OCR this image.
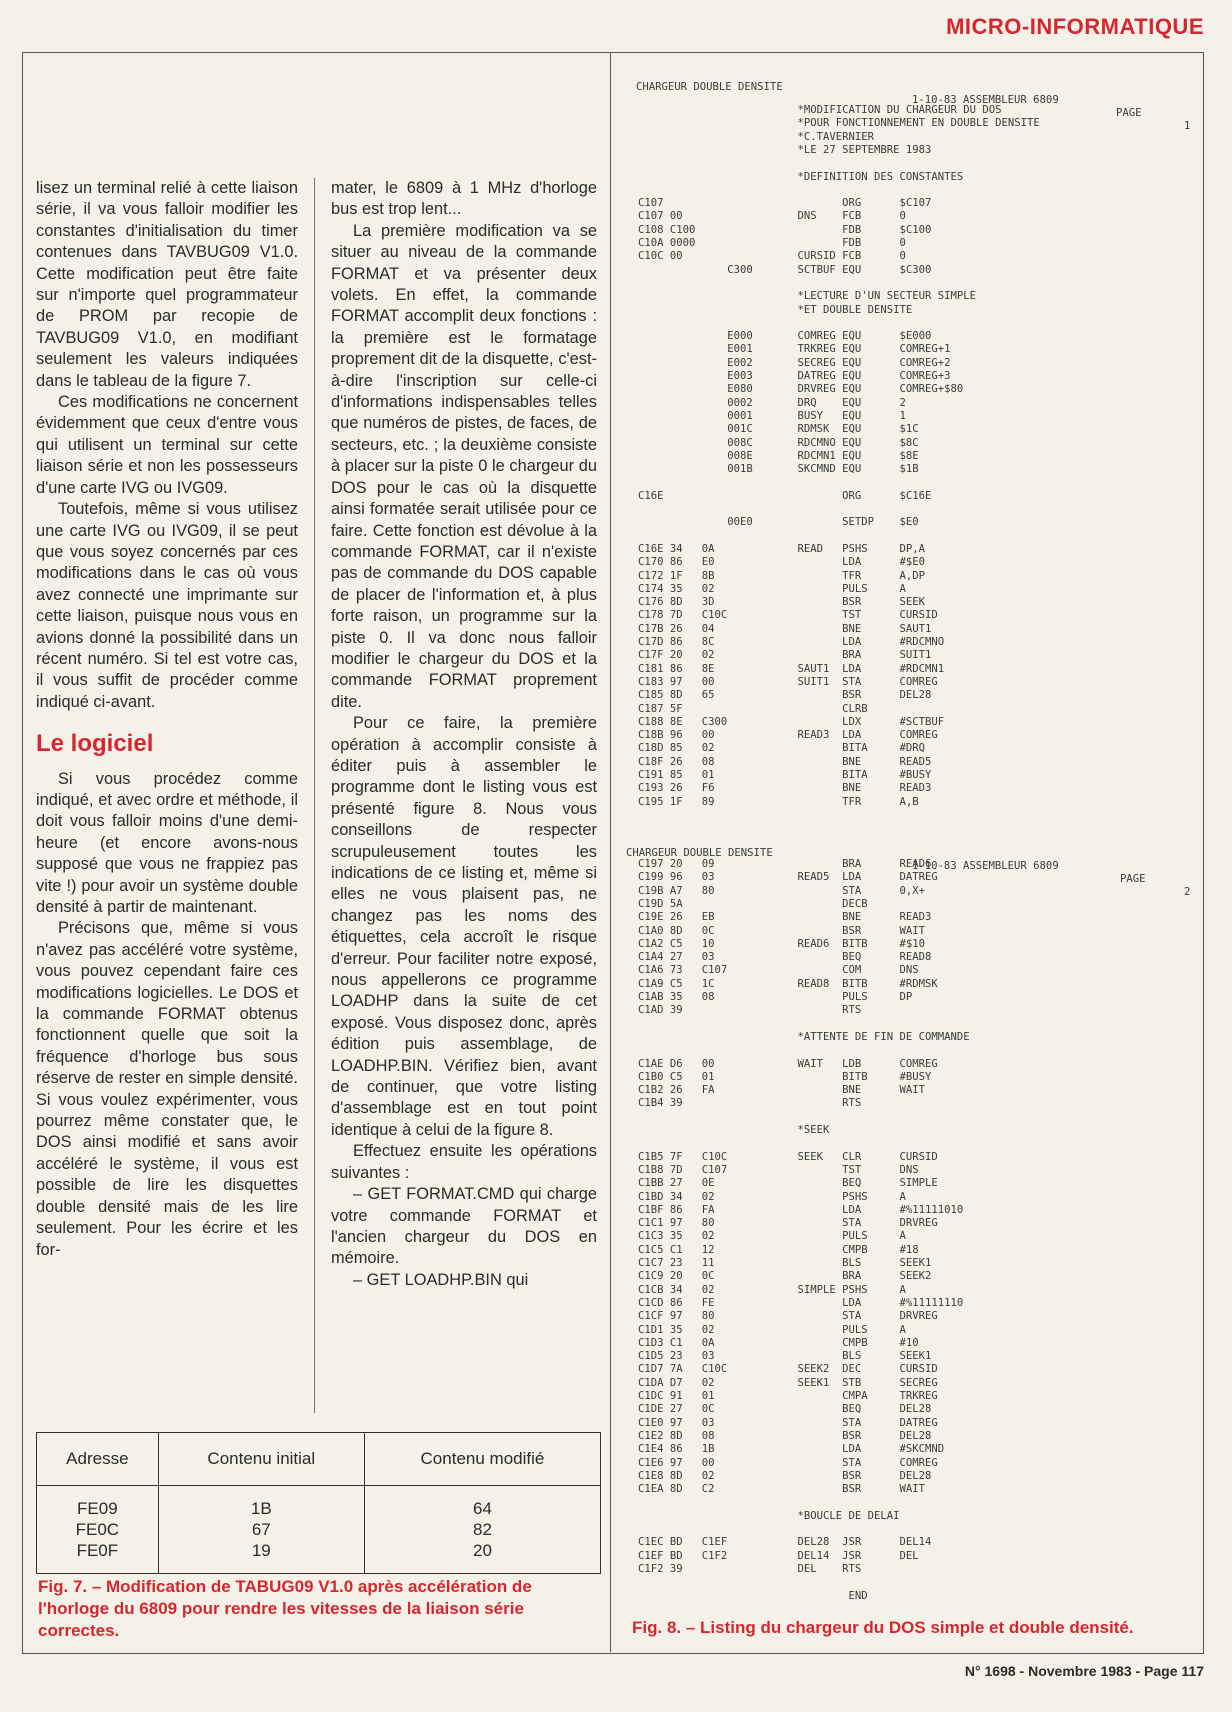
MICRO-INFORMATIQUE

lisez un terminal relié à cette liaison série, il va vous falloir modifier les constantes d'initialisation du timer contenues dans TAVBUG09 V1.0. Cette modification peut être faite sur n'importe quel programmateur de PROM par recopie de TAVBUG09 V1.0, en modifiant seulement les valeurs indiquées dans le tableau de la figure 7.

Ces modifications ne concernent évidemment que ceux d'entre vous qui utilisent un terminal sur cette liaison série et non les possesseurs d'une carte IVG ou IVG09.

Toutefois, même si vous utilisez une carte IVG ou IVG09, il se peut que vous soyez concernés par ces modifications dans le cas où vous avez connecté une imprimante sur cette liaison, puisque nous vous en avions donné la possibilité dans un récent numéro. Si tel est votre cas, il vous suffit de procéder comme indiqué ci-avant.

Le logiciel

Si vous procédez comme indiqué, et avec ordre et méthode, il doit vous falloir moins d'une demi-heure (et encore avons-nous supposé que vous ne frappiez pas vite !) pour avoir un système double densité à partir de maintenant.

Précisons que, même si vous n'avez pas accéléré votre système, vous pouvez cependant faire ces modifications logicielles. Le DOS et la commande FORMAT obtenus fonctionnent quelle que soit la fréquence d'horloge bus sous réserve de rester en simple densité. Si vous voulez expérimenter, vous pourrez même constater que, le DOS ainsi modifié et sans avoir accéléré le système, il vous est possible de lire les disquettes double densité mais de les lire seulement. Pour les écrire et les for-

mater, le 6809 à 1 MHz d'horloge bus est trop lent...

La première modification va se situer au niveau de la commande FORMAT et va présenter deux volets. En effet, la commande FORMAT accomplit deux fonctions : la première est le formatage proprement dit de la disquette, c'est-à-dire l'inscription sur celle-ci d'informations indispensables telles que numéros de pistes, de faces, de secteurs, etc. ; la deuxième consiste à placer sur la piste 0 le chargeur du DOS pour le cas où la disquette ainsi formatée serait utilisée pour ce faire. Cette fonction est dévolue à la commande FORMAT, car il n'existe pas de commande du DOS capable de placer de l'information et, à plus forte raison, un programme sur la piste 0. Il va donc nous falloir modifier le chargeur du DOS et la commande FORMAT proprement dite.

Pour ce faire, la première opération à accomplir consiste à éditer puis à assembler le programme dont le listing vous est présenté figure 8. Nous vous conseillons de respecter scrupuleusement toutes les indications de ce listing et, même si elles ne vous plaisent pas, ne changez pas les noms des étiquettes, cela accroît le risque d'erreur. Pour faciliter notre exposé, nous appellerons ce programme LOADHP dans la suite de cet exposé. Vous disposez donc, après édition puis assemblage, de LOADHP.BIN. Vérifiez bien, avant de continuer, que votre listing d'assemblage est en tout point identique à celui de la figure 8.

Effectuez ensuite les opérations suivantes :

– GET FORMAT.CMD qui charge votre commande FORMAT et l'ancien chargeur du DOS en mémoire.

– GET LOADHP.BIN qui

Adresse	Contenu initial	Contenu modifié

FE09	1B	64
FE0C	67	82
FE0F	19	20

Fig. 7. – Modification de TABUG09 V1.0 après accélération de l'horloge du 6809 pour rendre les vitesses de la liaison série correctes.

CHARGEUR DOUBLE DENSITE

1-10-83 ASSEMBLEUR 6809

PAGE

1

*MODIFICATION DU CHARGEUR DU DOS
*POUR FONCTIONNEMENT EN DOUBLE DENSITE
*C.TAVERNIER
*LE 27 SEPTEMBRE 1983
*DEFINITION DES CONSTANTES
C107                            ORG      $C107
C107 00                  DNS    FCB      0
C108 C100                       FDB      $C100
C10A 0000                       FDB      0
C10C 00                  CURSID FCB      0
C300       SCTBUF EQU      $C300
*LECTURE D'UN SECTEUR SIMPLE
*ET DOUBLE DENSITE
E000       COMREG EQU      $E000
E001       TRKREG EQU      COMREG+1
E002       SECREG EQU      COMREG+2
E003       DATREG EQU      COMREG+3
E080       DRVREG EQU      COMREG+$80
0002       DRQ    EQU      2
0001       BUSY   EQU      1
001C       RDMSK  EQU      $1C
008C       RDCMNO EQU      $8C
008E       RDCMN1 EQU      $8E
001B       SKCMND EQU      $1B
C16E                            ORG      $C16E
00E0              SETDP    $E0
C16E 34   0A             READ   PSHS     DP,A
C170 86   E0                    LDA      #$E0
C172 1F   8B                    TFR      A,DP
C174 35   02                    PULS     A
C176 8D   3D                    BSR      SEEK
C178 7D   C10C                  TST      CURSID
C17B 26   04                    BNE      SAUT1
C17D 86   8C                    LDA      #RDCMNO
C17F 20   02                    BRA      SUIT1
C181 86   8E             SAUT1  LDA      #RDCMN1
C183 97   00             SUIT1  STA      COMREG
C185 8D   65                    BSR      DEL28
C187 5F                         CLRB
C188 8E   C300                  LDX      #SCTBUF
C18B 96   00             READ3  LDA      COMREG
C18D 85   02                    BITA     #DRQ
C18F 26   08                    BNE      READ5
C191 85   01                    BITA     #BUSY
C193 26   F6                    BNE      READ3
C195 1F   89                    TFR      A,B

CHARGEUR DOUBLE DENSITE

1-10-83 ASSEMBLEUR 6809

PAGE

2

C197 20   09                    BRA      READ6
C199 96   03             READ5  LDA      DATREG
C19B A7   80                    STA      0,X+
C19D 5A                         DECB
C19E 26   EB                    BNE      READ3
C1A0 8D   0C                    BSR      WAIT
C1A2 C5   10             READ6  BITB     #$10
C1A4 27   03                    BEQ      READ8
C1A6 73   C107                  COM      DNS
C1A9 C5   1C             READ8  BITB     #RDMSK
C1AB 35   08                    PULS     DP
C1AD 39                         RTS
*ATTENTE DE FIN DE COMMANDE
C1AE D6   00             WAIT   LDB      COMREG
C1B0 C5   01                    BITB     #BUSY
C1B2 26   FA                    BNE      WAIT
C1B4 39                         RTS
*SEEK
C1B5 7F   C10C           SEEK   CLR      CURSID
C1B8 7D   C107                  TST      DNS
C1BB 27   0E                    BEQ      SIMPLE
C1BD 34   02                    PSHS     A
C1BF 86   FA                    LDA      #%11111010
C1C1 97   80                    STA      DRVREG
C1C3 35   02                    PULS     A
C1C5 C1   12                    CMPB     #18
C1C7 23   11                    BLS      SEEK1
C1C9 20   0C                    BRA      SEEK2
C1CB 34   02             SIMPLE PSHS     A
C1CD 86   FE                    LDA      #%11111110
C1CF 97   80                    STA      DRVREG
C1D1 35   02                    PULS     A
C1D3 C1   0A                    CMPB     #10
C1D5 23   03                    BLS      SEEK1
C1D7 7A   C10C           SEEK2  DEC      CURSID
C1DA D7   02             SEEK1  STB      SECREG
C1DC 91   01                    CMPA     TRKREG
C1DE 27   0C                    BEQ      DEL28
C1E0 97   03                    STA      DATREG
C1E2 8D   08                    BSR      DEL28
C1E4 86   1B                    LDA      #SKCMND
C1E6 97   00                    STA      COMREG
C1E8 8D   02                    BSR      DEL28
C1EA 8D   C2                    BSR      WAIT
*BOUCLE DE DELAI
C1EC BD   C1EF           DEL28  JSR      DEL14
C1EF BD   C1F2           DEL14  JSR      DEL
C1F2 39                  DEL    RTS
END
Fig. 8. – Listing du chargeur du DOS simple et double densité.
N° 1698 - Novembre 1983 - Page 117
